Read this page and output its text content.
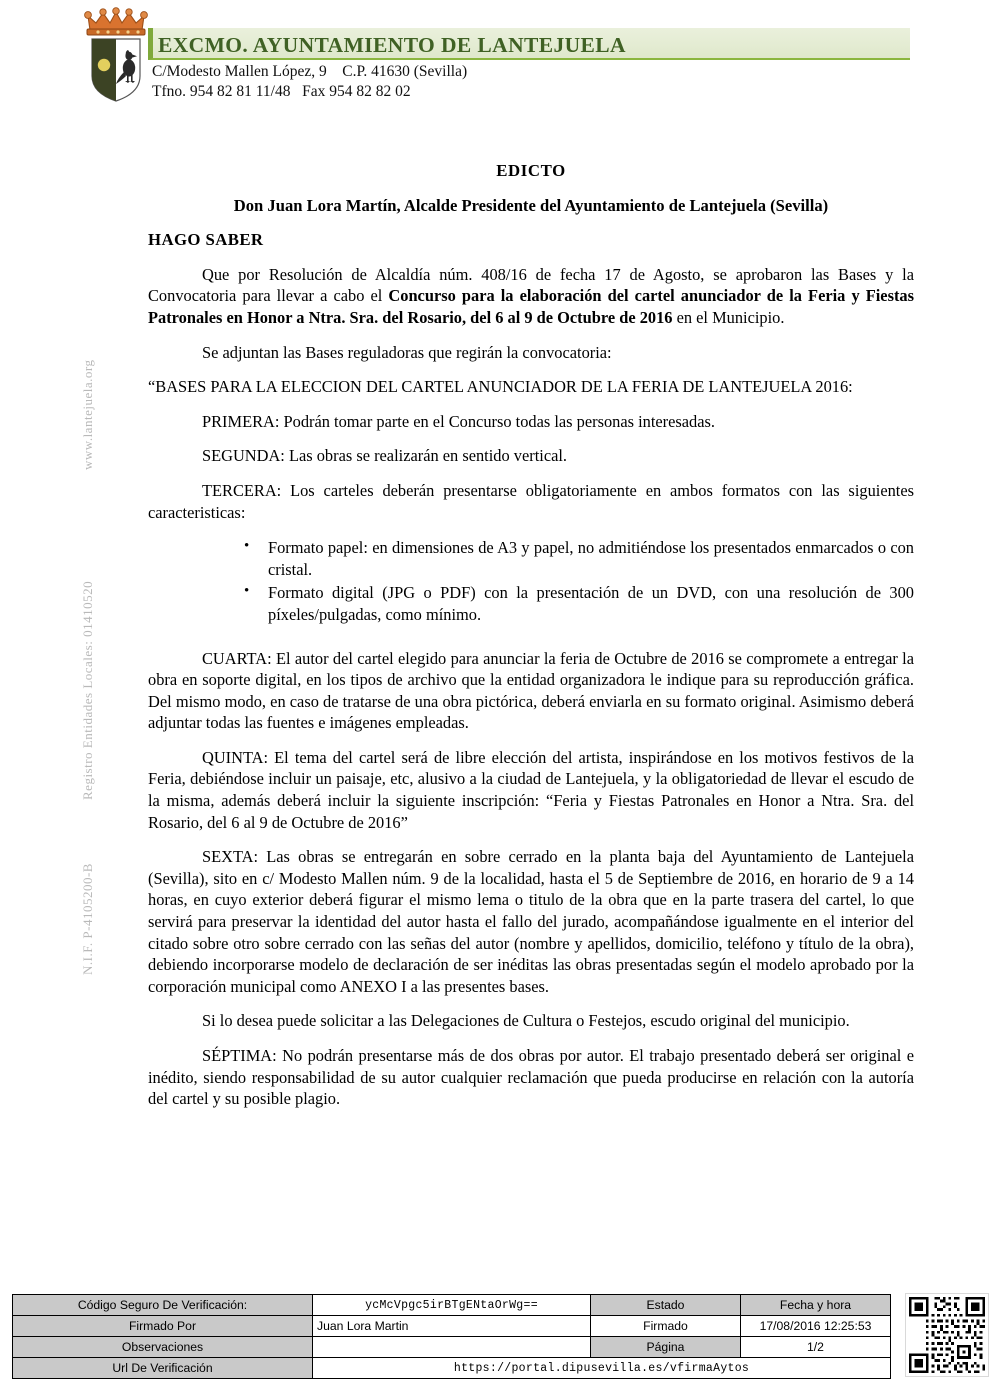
EXCMO. AYUNTAMIENTO DE LANTEJUELA
C/Modesto Mallen López, 9    C.P. 41630 (Sevilla)
Tfno. 954 82 81 11/48   Fax 954 82 82 02
www.lantejuela.org
Registro Entidades Locales: 01410520
N.I.F. P-4105200-B

EDICTO

Don Juan Lora Martín, Alcalde Presidente del Ayuntamiento de Lantejuela (Sevilla)

HAGO SABER

Que por Resolución de Alcaldía núm. 408/16 de fecha 17 de Agosto, se aprobaron las Bases y la Convocatoria para llevar a cabo el Concurso para la elaboración del cartel anunciador de la Feria y Fiestas Patronales en Honor a Ntra. Sra. del Rosario, del 6 al 9 de Octubre de 2016 en el Municipio.

Se adjuntan las Bases reguladoras que regirán la convocatoria:

“BASES PARA LA ELECCION DEL CARTEL ANUNCIADOR DE LA FERIA DE LANTEJUELA 2016:

PRIMERA: Podrán tomar parte en el Concurso todas las personas interesadas.

SEGUNDA: Las obras se realizarán en sentido vertical.

TERCERA: Los carteles deberán presentarse obligatoriamente en ambos formatos con las siguientes caracteristicas:

• Formato papel: en dimensiones de A3 y papel, no admitiéndose los presentados enmarcados o con cristal.
• Formato digital (JPG o PDF) con la presentación de un DVD, con una resolución de 300 píxeles/pulgadas, como mínimo.

CUARTA: El autor del cartel elegido para anunciar la feria de Octubre de 2016 se compromete a entregar la obra en soporte digital, en los tipos de archivo que la entidad organizadora le indique para su reproducción gráfica. Del mismo modo, en caso de tratarse de una obra pictórica, deberá enviarla en su formato original. Asimismo deberá adjuntar todas las fuentes e imágenes empleadas.

QUINTA: El tema del cartel será de libre elección del artista, inspirándose en los motivos festivos de la Feria, debiéndose incluir un paisaje, etc, alusivo a la ciudad de Lantejuela, y la obligatoriedad de llevar el escudo de la misma, además deberá incluir la siguiente inscripción: “Feria y Fiestas Patronales en Honor a Ntra. Sra. del Rosario, del 6 al 9 de Octubre de 2016”

SEXTA: Las obras se entregarán en sobre cerrado en la planta baja del Ayuntamiento de Lantejuela (Sevilla), sito en c/ Modesto Mallen núm. 9 de la localidad, hasta el 5 de Septiembre de 2016, en horario de 9 a 14 horas, en cuyo exterior deberá figurar el mismo lema o titulo de la obra que en la parte trasera del cartel, lo que servirá para preservar la identidad del autor hasta el fallo del jurado, acompañándose igualmente en el interior del citado sobre otro sobre cerrado con las señas del autor (nombre y apellidos, domicilio, teléfono y título de la obra), debiendo incorporarse modelo de declaración de ser inéditas las obras presentadas según el modelo aprobado por la corporación municipal como ANEXO I a las presentes bases.

Si lo desea puede solicitar a las Delegaciones de Cultura o Festejos, escudo original del municipio.

SÉPTIMA: No podrán presentarse más de dos obras por autor. El trabajo presentado deberá ser original e inédito, siendo responsabilidad de su autor cualquier reclamación que pueda producirse en relación con la autoría del cartel y su posible plagio.

Código Seguro De Verificación:	ycMcVpgc5irBTgENtaOrWg==	Estado	Fecha y hora
Firmado Por	Juan Lora Martin	Firmado	17/08/2016 12:25:53
Observaciones		Página	1/2
Url De Verificación	https://portal.dipusevilla.es/vfirmaAytos		
